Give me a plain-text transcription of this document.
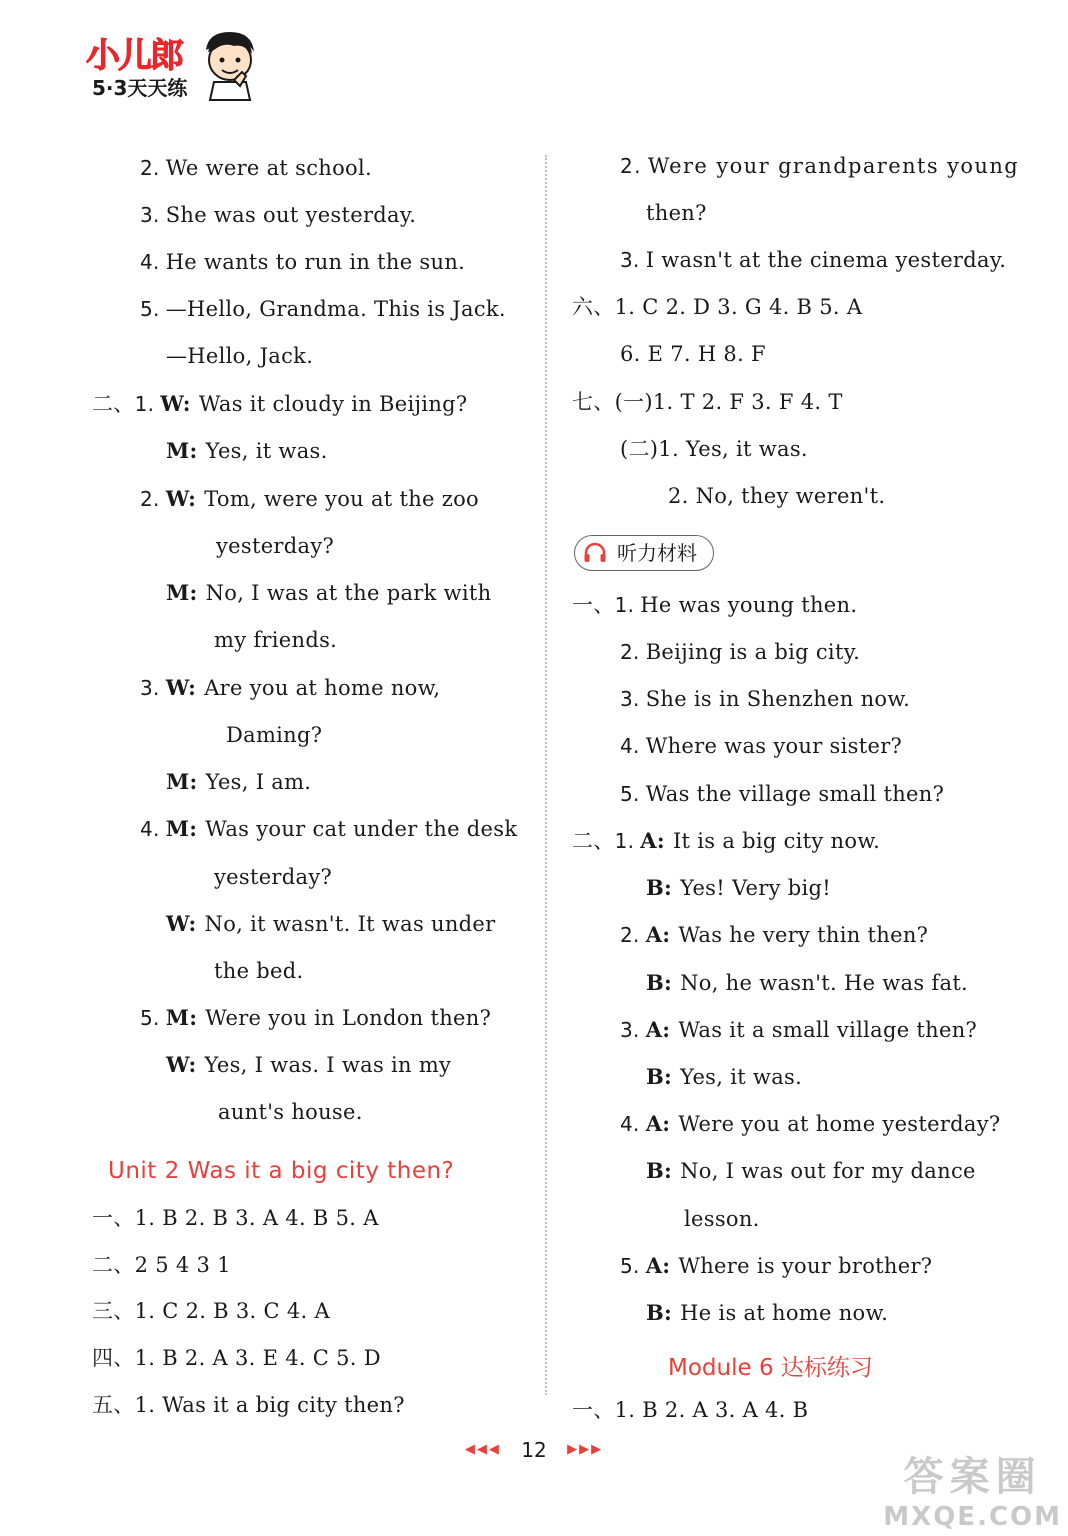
小儿郎
5·3天天练
2. We were at school.
3. She was out yesterday.
4. He wants to run in the sun.
5. —Hello, Grandma. This is Jack.
—Hello, Jack.
二、1. W: Was it cloudy in Beijing?
M: Yes, it was.
2. W: Tom, were you at the zoo
yesterday?
M: No, I was at the park with
my friends.
3. W: Are you at home now,
Daming?
M: Yes, I am.
4. M: Was your cat under the desk
yesterday?
W: No, it wasn't. It was under
the bed.
5. M: Were you in London then?
W: Yes, I was. I was in my
aunt's house.
Unit 2 Was it a big city then?
一、1. B 2. B 3. A 4. B 5. A
二、2 5 4 3 1
三、1. C 2. B 3. C 4. A
四、1. B 2. A 3. E 4. C 5. D
五、1. Was it a big city then?
2. Were your grandparents young
then?
3. I wasn't at the cinema yesterday.
六、1. C 2. D 3. G 4. B 5. A
6. E 7. H 8. F
七、(一)1. T 2. F 3. F 4. T
(二)1. Yes, it was.
2. No, they weren't.
听力材料
一、1. He was young then.
2. Beijing is a big city.
3. She is in Shenzhen now.
4. Where was your sister?
5. Was the village small then?
二、1. A: It is a big city now.
B: Yes! Very big!
2. A: Was he very thin then?
B: No, he wasn't. He was fat.
3. A: Was it a small village then?
B: Yes, it was.
4. A: Were you at home yesterday?
B: No, I was out for my dance
lesson.
5. A: Where is your brother?
B: He is at home now.
Module 6 达标练习
一、1. B 2. A 3. A 4. B
◀◀◀ 12 ▶▶▶
答案圈
MXQE.COM
